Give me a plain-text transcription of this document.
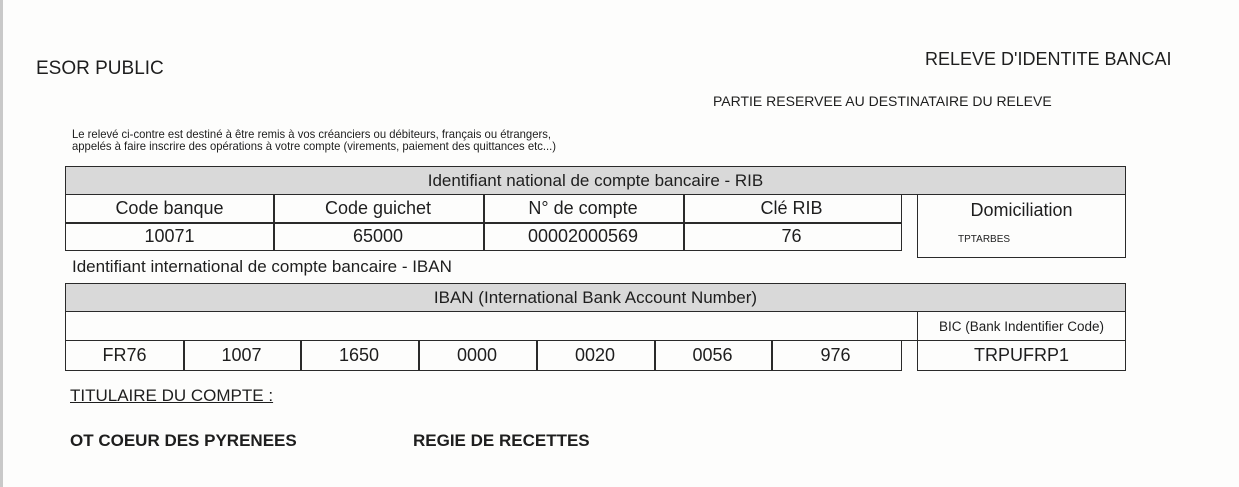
ESOR PUBLIC	RELEVE D'IDENTITE BANCAI
PARTIE RESERVEE AU DESTINATAIRE DU RELEVE
Le relevé ci-contre est destiné à être remis à vos créanciers ou débiteurs, français ou étrangers,
appelés à faire inscrire des opérations à votre compte (virements, paiement des quittances etc...)
Identifiant national de compte bancaire - RIB
Code banque	Code guichet	N° de compte	Clé RIB
10071	65000	00002000569	76
Domiciliation
TPTARBES
Identifiant international de compte bancaire - IBAN
IBAN (International Bank Account Number)
BIC (Bank Indentifier Code)
FR76	1007	1650	0000	0020	0056	976	TRPUFRP1
TITULAIRE DU COMPTE :
OT COEUR DES PYRENEES	REGIE DE RECETTES
